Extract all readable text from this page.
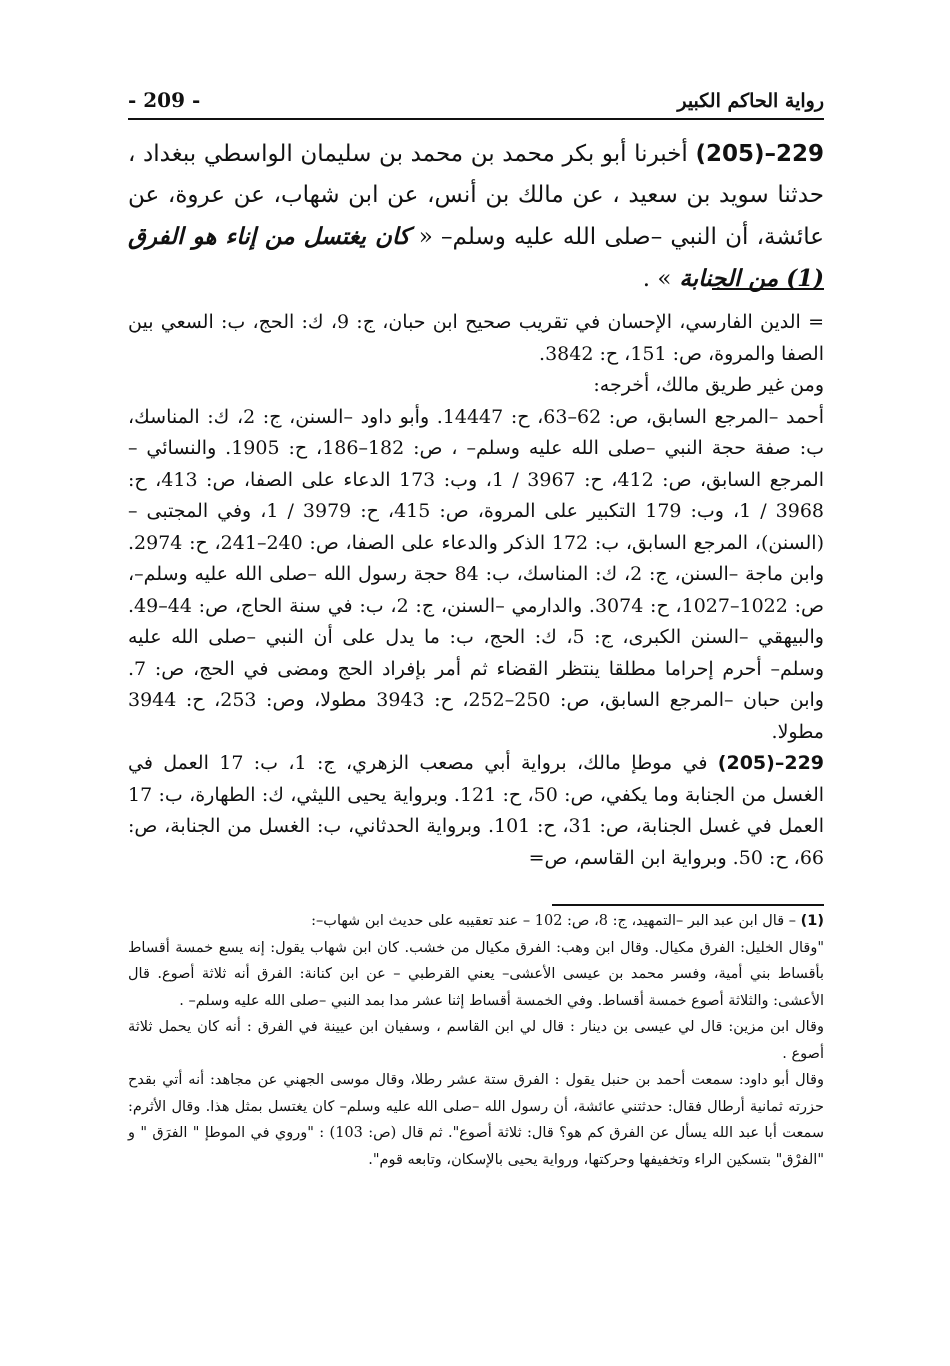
رواية الحاكم الكبير
- 209 -
229–(205) أخبرنا أبو بكر محمد بن محمد بن سليمان الواسطي ببغداد ، حدثنا سويد بن سعيد ، عن مالك بن أنس، عن ابن شهاب، عن عروة، عن عائشة، أن النبي –صلى الله عليه وسلم– « كان يغتسل من إناء هو الفرق (1) من الجنابة » .

= الدين الفارسي، الإحسان في تقريب صحيح ابن حبان، ج: 9، ك: الحج، ب: السعي بين الصفا والمروة، ص: 151، ح: 3842.

ومن غير طريق مالك، أخرجه:

أحمد –المرجع السابق، ص: 62–63، ح: 14447. وأبو داود –السنن، ج: 2، ك: المناسك، ب: صفة حجة النبي –صلى الله عليه وسلم– ، ص: 182–186، ح: 1905. والنسائي –المرجع السابق، ص: 412، ح: 3967 / 1، وب: 173 الدعاء على الصفا، ص: 413، ح: 3968 / 1، وب: 179 التكبير على المروة، ص: 415، ح: 3979 / 1، وفي المجتبى –(السنن)، المرجع السابق، ب: 172 الذكر والدعاء على الصفا، ص: 240–241، ح: 2974. وابن ماجة –السنن، ج: 2، ك: المناسك، ب: 84 حجة رسول الله –صلى الله عليه وسلم–، ص: 1022–1027، ح: 3074. والدارمي –السنن، ج: 2، ب: في سنة الحاج، ص: 44–49. والبيهقي –السنن الكبرى، ج: 5، ك: الحج، ب: ما يدل على أن النبي –صلى الله عليه وسلم– أحرم إحراما مطلقا ينتظر القضاء ثم أمر بإفراد الحج ومضى في الحج، ص: 7. وابن حبان –المرجع السابق، ص: 250–252، ح: 3943 مطولا، وص: 253، ح: 3944 مطولا.

229–(205) في موطإ مالك، برواية أبي مصعب الزهري، ج: 1، ب: 17 العمل في الغسل من الجنابة وما يكفي، ص: 50، ح: 121. وبرواية يحيى الليثي، ك: الطهارة، ب: 17 العمل في غسل الجنابة، ص: 31، ح: 101. وبرواية الحدثاني، ب: الغسل من الجنابة، ص: 66، ح: 50. وبرواية ابن القاسم، ص=

(1) – قال ابن عبد البر –التمهيد، ج: 8، ص: 102 – عند تعقيبه على حديث ابن شهاب–:

"وقال الخليل: الفرق مكيال. وقال ابن وهب: الفرق مكيال من خشب. كان ابن شهاب يقول: إنه يسع خمسة أقساط بأقساط بني أمية، وفسر محمد بن عيسى الأعشى– يعني القرطبي – عن ابن كنانة: الفرق أنه ثلاثة أصوع. قال الأعشى: والثلاثة أصوع خمسة أقساط. وفي الخمسة أقساط إثنا عشر مدا بمد النبي –صلى الله عليه وسلم– .

وقال ابن مزين: قال لي عيسى بن دينار : قال لي ابن القاسم ، وسفيان ابن عيينة في الفرق : أنه كان يحمل ثلاثة أصوع .

وقال أبو داود: سمعت أحمد بن حنبل يقول : الفرق ستة عشر رطلا، وقال موسى الجهني عن مجاهد: أنه أتي بقدح حزرته ثمانية أرطال فقال: حدثتني عائشة، أن رسول الله –صلى الله عليه وسلم– كان يغتسل بمثل هذا. وقال الأثرم: سمعت أبا عبد الله يسأل عن الفرق كم هو؟ قال: ثلاثة أصوع". ثم قال (ص: 103) : "وروي في الموطإ " الفرَق " و "الفرْق" بتسكين الراء وتخفيفها وحركتها، ورواية يحيى بالإسكان، وتابعه قوم".
